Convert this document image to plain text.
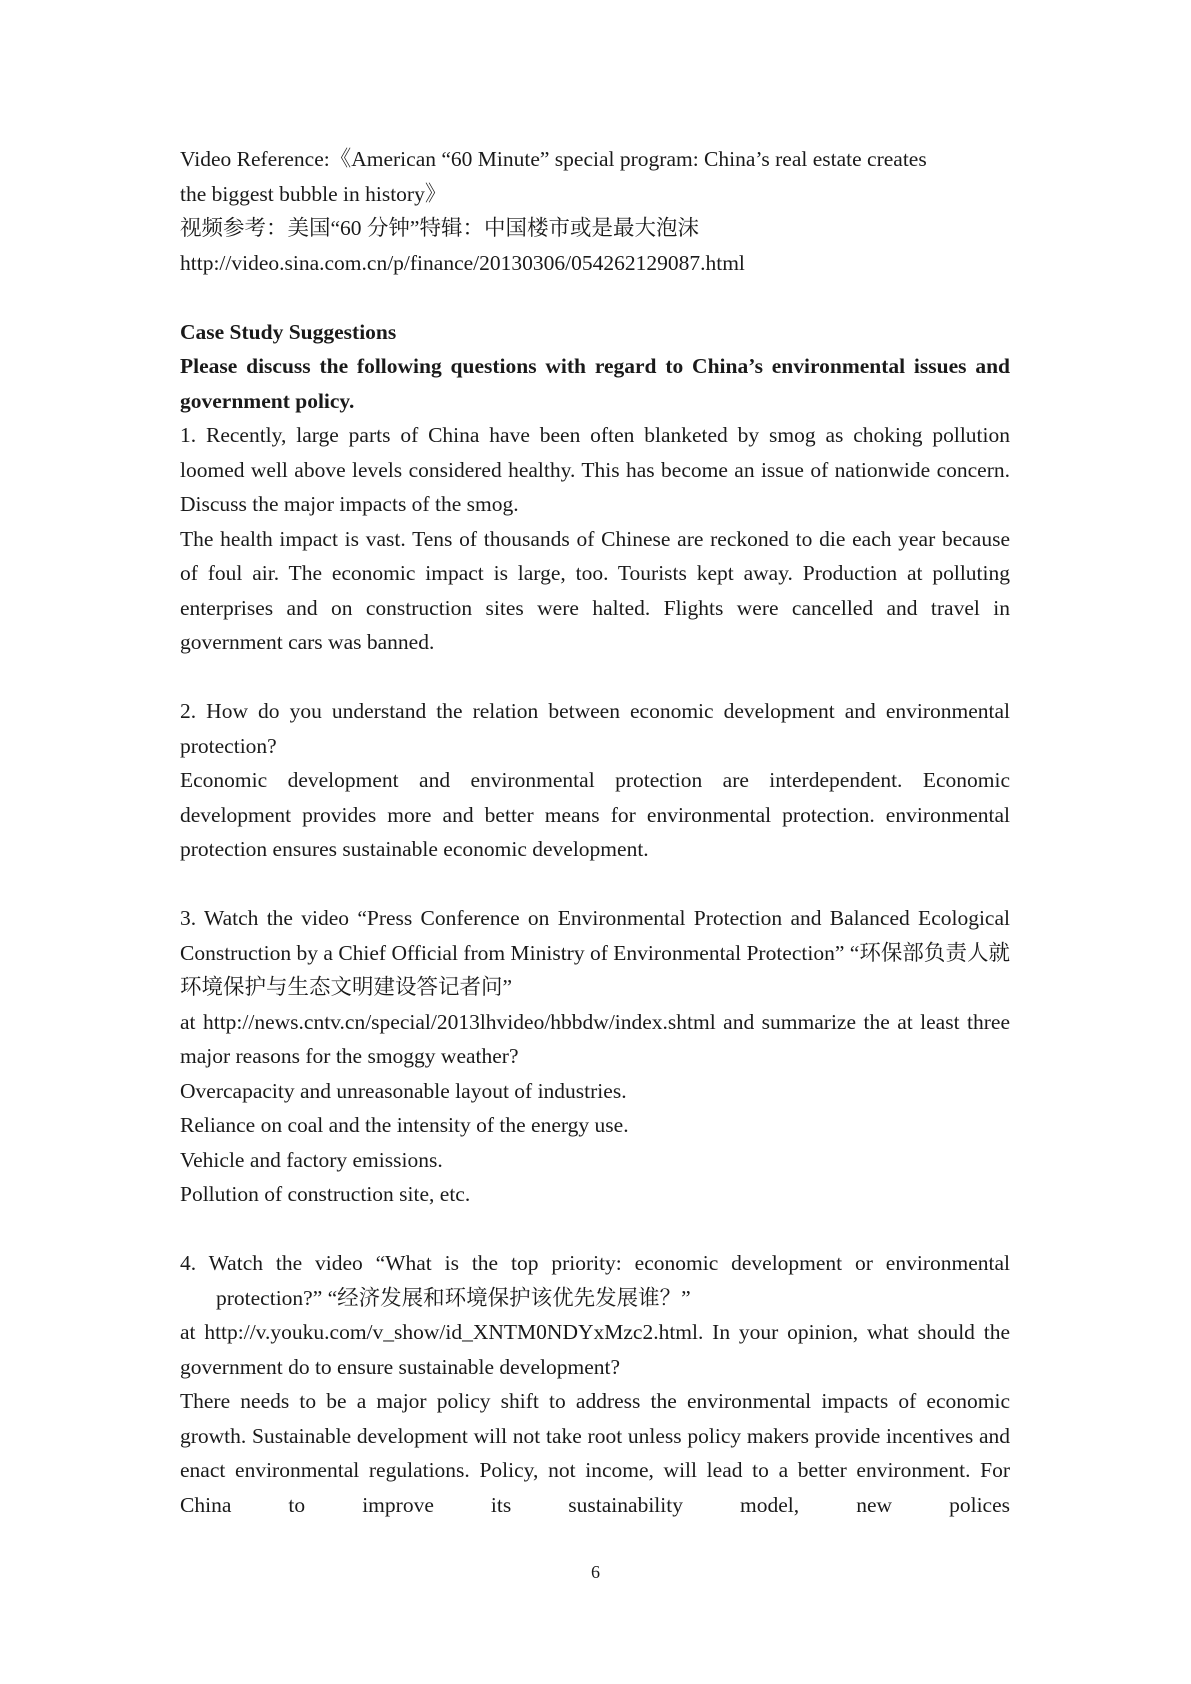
Video Reference:《American “60 Minute” special program: China’s real estate creates

the biggest bubble in history》

视频参考：美国“60 分钟”特辑：中国楼市或是最大泡沫

http://video.sina.com.cn/p/finance/20130306/054262129087.html

Case Study Suggestions

Please discuss the following questions with regard to China’s environmental issues and government policy.

1. Recently, large parts of China have been often blanketed by smog as choking pollution loomed well above levels considered healthy. This has become an issue of nationwide concern. Discuss the major impacts of the smog.

The health impact is vast. Tens of thousands of Chinese are reckoned to die each year because of foul air. The economic impact is large, too. Tourists kept away. Production at polluting enterprises and on construction sites were halted. Flights were cancelled and travel in government cars was banned.

2. How do you understand the relation between economic development and environmental protection?

Economic development and environmental protection are interdependent. Economic development provides more and better means for environmental protection. environmental protection ensures sustainable economic development.

3. Watch the video “Press Conference on Environmental Protection and Balanced Ecological Construction by a Chief Official from Ministry of Environmental Protection” “环保部负责人就环境保护与生态文明建设答记者问”

at http://news.cntv.cn/special/2013lhvideo/hbbdw/index.shtml and summarize the at least three major reasons for the smoggy weather?

Overcapacity and unreasonable layout of industries.

Reliance on coal and the intensity of the energy use.

Vehicle and factory emissions.

Pollution of construction site, etc.

4. Watch the video “What is the top priority: economic development or environmental protection?” “经济发展和环境保护该优先发展谁？”

at http://v.youku.com/v_show/id_XNTM0NDYxMzc2.html. In your opinion, what should the government do to ensure sustainable development?

There needs to be a major policy shift to address the environmental impacts of economic growth. Sustainable development will not take root unless policy makers provide incentives and enact environmental regulations. Policy, not income, will lead to a better environment. For China to improve its sustainability model, new polices

6
